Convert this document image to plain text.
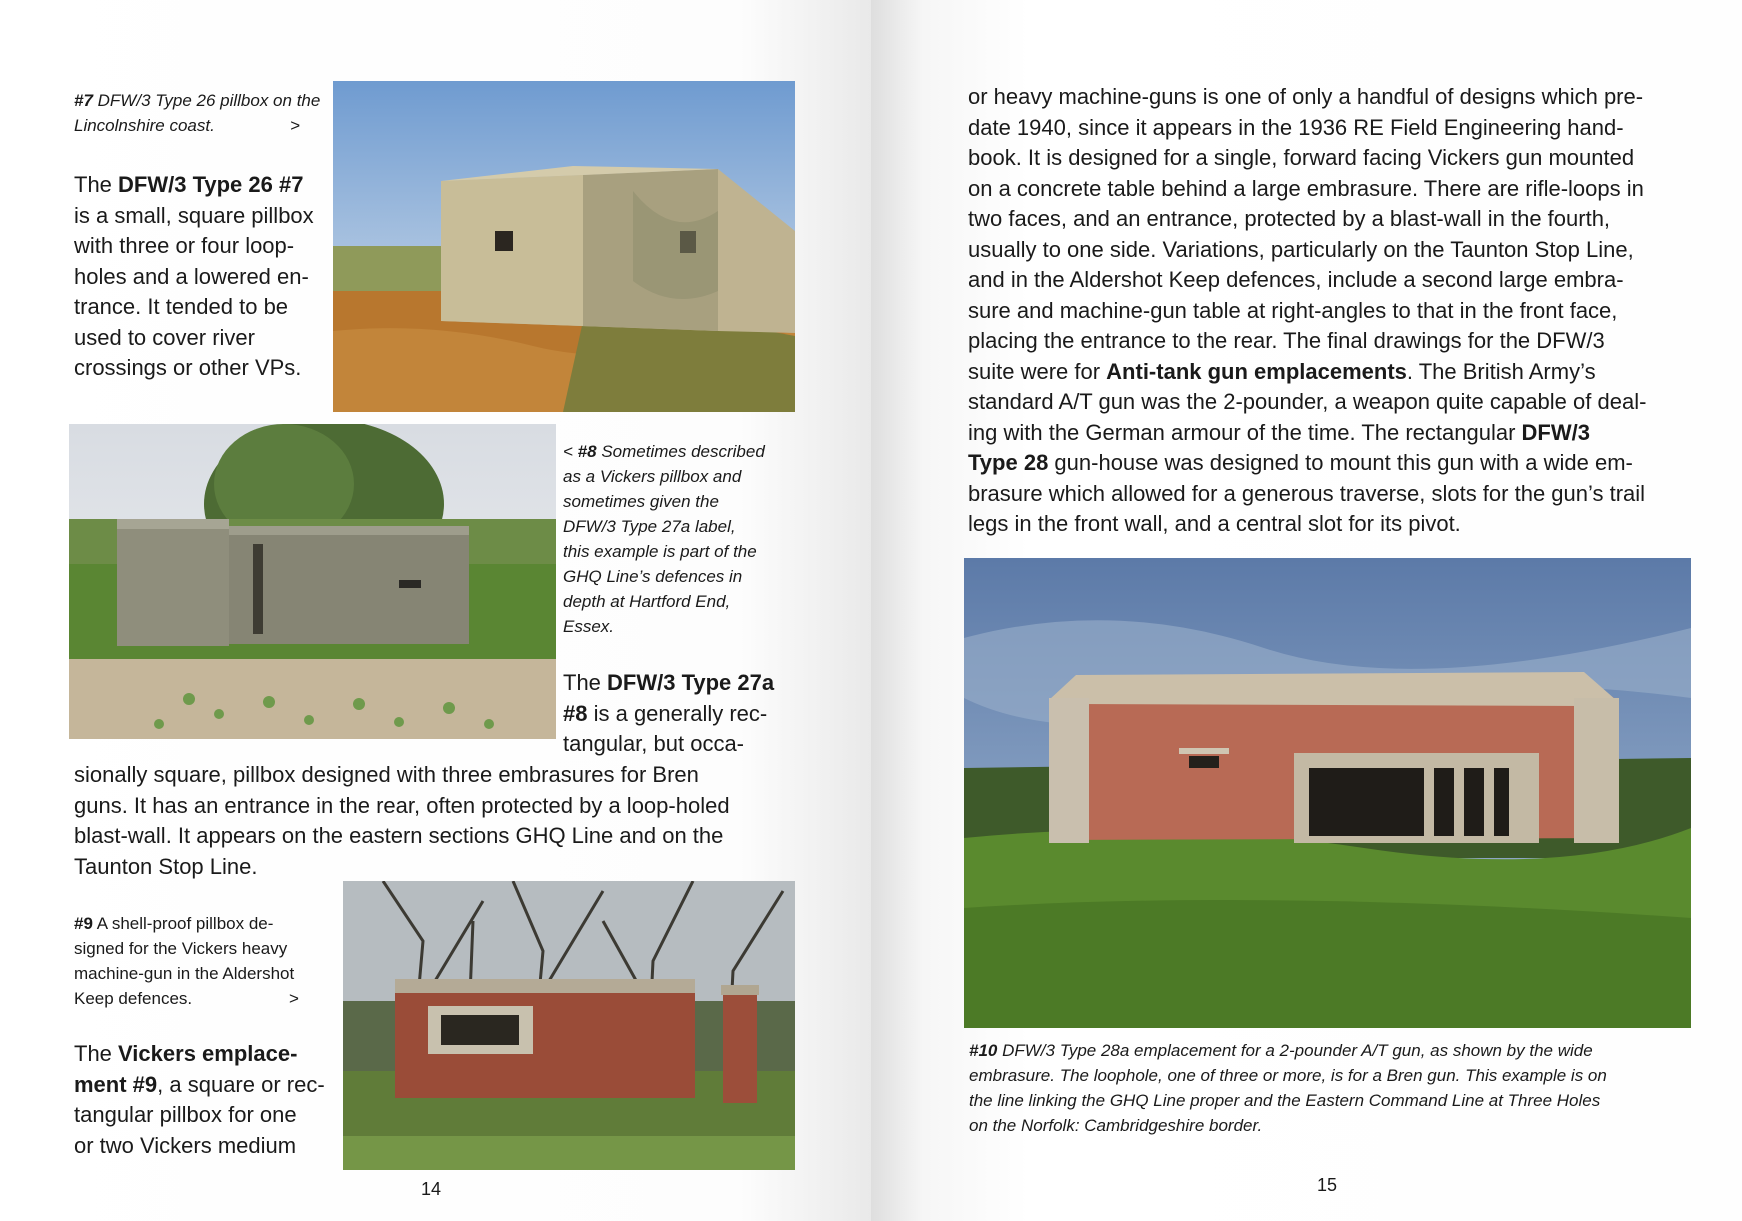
#7 DFW/3 Type 26 pillbox on the Lincolnshire coast.	>

The DFW/3 Type 26 #7

is a small, square pillbox

with three or four loop-

holes and a lowered en-

trance. It tended to be

used to cover river

crossings or other VPs.

< #8 Sometimes described

as a Vickers pillbox and

sometimes given the

DFW/3 Type 27a label,

this example is part of the

GHQ Line’s defences in

depth at Hartford End,

Essex.

The DFW/3 Type 27a

#8 is a generally rec-

tangular, but occa-

sionally square, pillbox designed with three embrasures for Bren

guns. It has an entrance in the rear, often protected by a loop-holed

blast-wall. It appears on the eastern sections GHQ Line and on the

Taunton Stop Line.

#9 A shell-proof pillbox de-

signed for the Vickers heavy

machine-gun in the Aldershot

Keep defences.	>

The Vickers emplace-

ment #9, a square or rec-

tangular pillbox for one

or two Vickers medium

14

or heavy machine-guns is one of only a handful of designs which pre-

date 1940, since it appears in the 1936 RE Field Engineering hand-

book. It is designed for a single, forward facing Vickers gun mounted

on a concrete table behind a large embrasure. There are rifle-loops in

two faces, and an entrance, protected by a blast-wall in the fourth,

usually to one side. Variations, particularly on the Taunton Stop Line,

and in the Aldershot Keep defences, include a second large embra-

sure and machine-gun table at right-angles to that in the front face,

placing the entrance to the rear. The final drawings for the DFW/3

suite were for Anti-tank gun emplacements. The British Army’s

standard A/T gun was the 2-pounder, a weapon quite capable of deal-

ing with the German armour of the time. The rectangular DFW/3

Type 28 gun-house was designed to mount this gun with a wide em-

brasure which allowed for a generous traverse, slots for the gun’s trail

legs in the front wall, and a central slot for its pivot.

#10 DFW/3 Type 28a emplacement for a 2-pounder A/T gun, as shown by the wide

embrasure. The loophole, one of three or more, is for a Bren gun. This example is on

the line linking the GHQ Line proper and the Eastern Command Line at Three Holes

on the Norfolk: Cambridgeshire border.

15
